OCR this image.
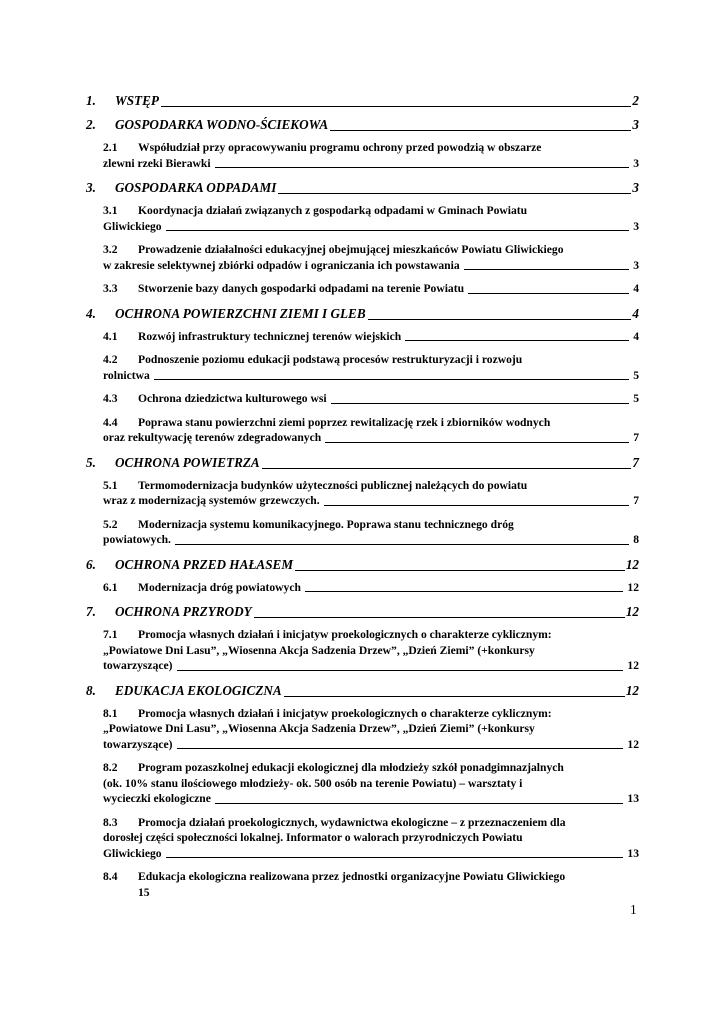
1. WSTĘP	2
2. GOSPODARKA WODNO-ŚCIEKOWA	3
2.1 Współudział przy opracowywaniu programu ochrony przed powodzią w obszarze
zlewni rzeki Bierawki	3
3. GOSPODARKA ODPADAMI	3
3.1 Koordynacja działań związanych z gospodarką odpadami w Gminach Powiatu
Gliwickiego	3
3.2 Prowadzenie działalności edukacyjnej obejmującej mieszkańców Powiatu Gliwickiego
w zakresie selektywnej zbiórki odpadów i ograniczania ich powstawania	3
3.3 Stworzenie bazy danych gospodarki odpadami na terenie Powiatu	4
4. OCHRONA POWIERZCHNI ZIEMI I GLEB	4
4.1 Rozwój infrastruktury technicznej terenów wiejskich	4
4.2 Podnoszenie poziomu edukacji podstawą procesów restrukturyzacji i rozwoju
rolnictwa	5
4.3 Ochrona dziedzictwa kulturowego wsi	5
4.4 Poprawa stanu powierzchni ziemi poprzez rewitalizację rzek i zbiorników wodnych
oraz rekultywację terenów zdegradowanych	7
5. OCHRONA POWIETRZA	7
5.1 Termomodernizacja budynków użyteczności publicznej należących do powiatu
wraz z modernizacją systemów grzewczych.	7
5.2 Modernizacja systemu komunikacyjnego. Poprawa stanu technicznego dróg
powiatowych.	8
6. OCHRONA PRZED HAŁASEM	12
6.1 Modernizacja dróg powiatowych	12
7. OCHRONA PRZYRODY	12
7.1 Promocja własnych działań i inicjatyw proekologicznych o charakterze cyklicznym:
„Powiatowe Dni Lasu”, „Wiosenna Akcja Sadzenia Drzew”, „Dzień Ziemi” (+konkursy
towarzyszące)	12
8. EDUKACJA EKOLOGICZNA	12
8.1 Promocja własnych działań i inicjatyw proekologicznych o charakterze cyklicznym:
„Powiatowe Dni Lasu”, „Wiosenna Akcja Sadzenia Drzew”, „Dzień Ziemi” (+konkursy
towarzyszące)	12
8.2 Program pozaszkolnej edukacji ekologicznej dla młodzieży szkół ponadgimnazjalnych
(ok. 10% stanu ilościowego młodzieży- ok. 500 osób na terenie Powiatu) – warsztaty i
wycieczki ekologiczne	13
8.3 Promocja działań proekologicznych, wydawnictwa ekologiczne – z przeznaczeniem dla
dorosłej części społeczności lokalnej. Informator o walorach przyrodniczych Powiatu
Gliwickiego	13
8.4 Edukacja ekologiczna realizowana przez jednostki organizacyjne Powiatu Gliwickiego
15
1
